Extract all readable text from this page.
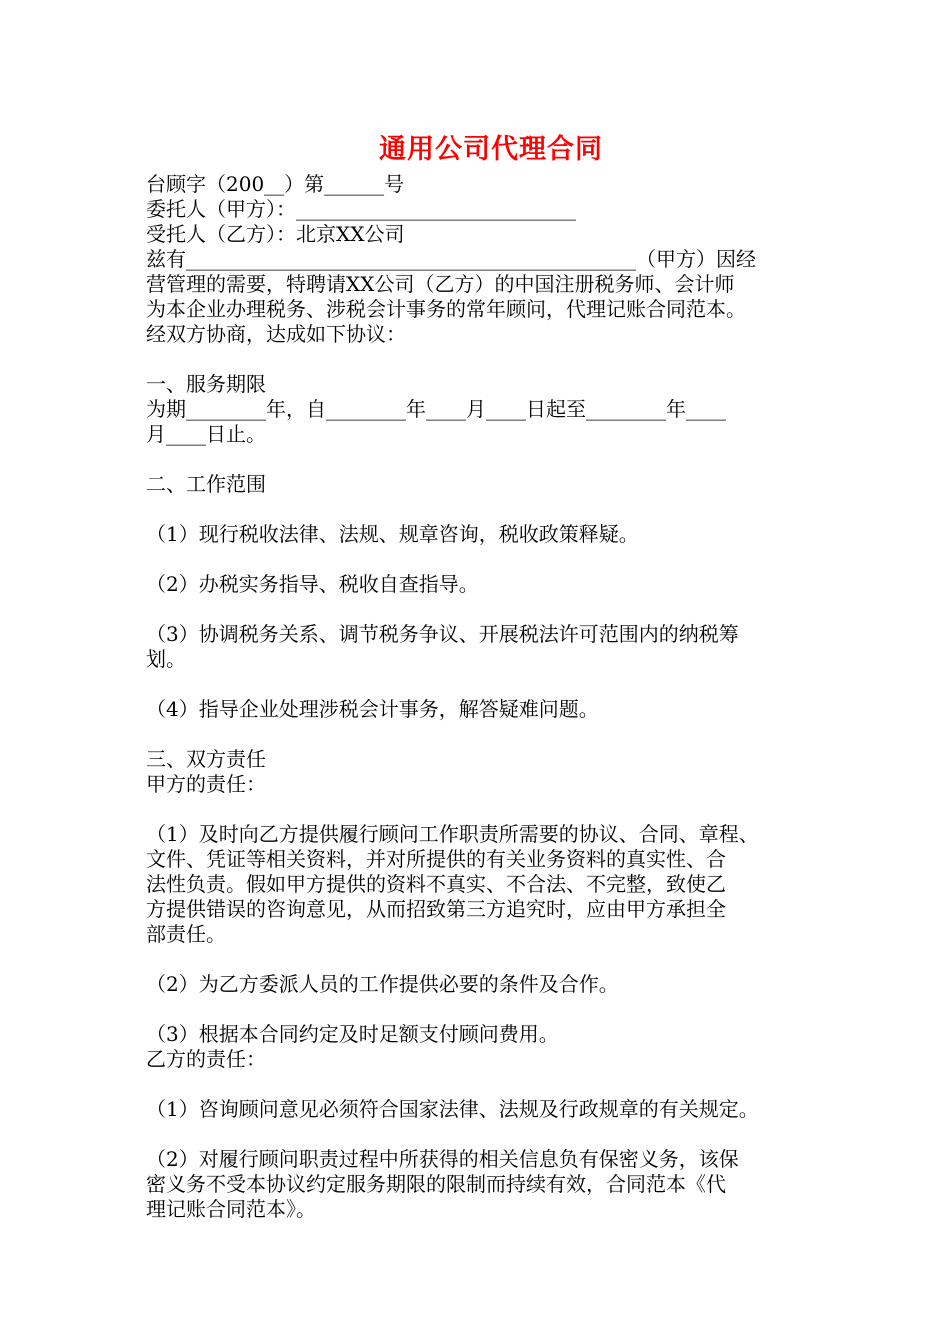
通用公司代理合同
台顾字（200__）第______号
委托人（甲方）：____________________________
受托人（乙方）：北京XX公司
兹有_____________________________________________（甲方）因经
营管理的需要，特聘请XX公司（乙方）的中国注册税务师、会计师
为本企业办理税务、涉税会计事务的常年顾问，代理记账合同范本。
经双方协商，达成如下协议：
一、服务期限
为期________年，自________年____月____日起至________年____
月____日止。
二、工作范围
（1）现行税收法律、法规、规章咨询，税收政策释疑。
（2）办税实务指导、税收自查指导。
（3）协调税务关系、调节税务争议、开展税法许可范围内的纳税筹
划。
（4）指导企业处理涉税会计事务，解答疑难问题。
三、双方责任
甲方的责任：
（1）及时向乙方提供履行顾问工作职责所需要的协议、合同、章程、
文件、凭证等相关资料，并对所提供的有关业务资料的真实性、合
法性负责。假如甲方提供的资料不真实、不合法、不完整，致使乙
方提供错误的咨询意见，从而招致第三方追究时，应由甲方承担全
部责任。
（2）为乙方委派人员的工作提供必要的条件及合作。
（3）根据本合同约定及时足额支付顾问费用。
乙方的责任：
（1）咨询顾问意见必须符合国家法律、法规及行政规章的有关规定。
（2）对履行顾问职责过程中所获得的相关信息负有保密义务，该保
密义务不受本协议约定服务期限的限制而持续有效，合同范本《代
理记账合同范本》。
